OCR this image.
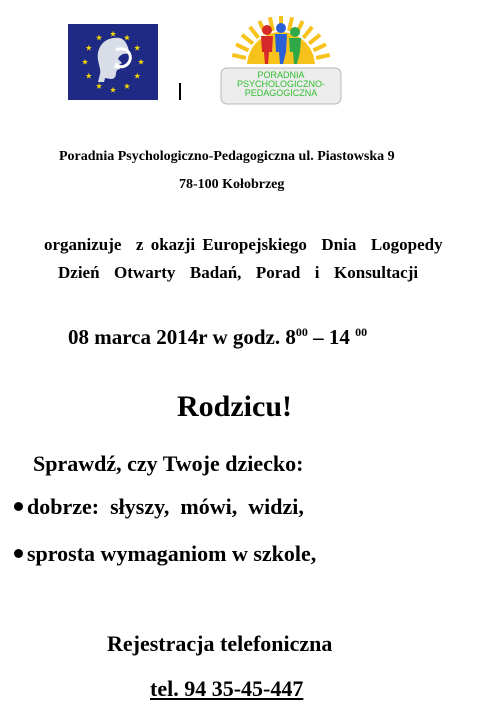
PORADNIA
PSYCHOLOGICZNO-
PEDAGOGICZNA
Poradnia Psychologiczno-Pedagogiczna ul. Piastowska 9
78-100 Kołobrzeg
organizuje  z okazji Europejskiego  Dnia  Logopedy
Dzień  Otwarty  Badań,  Porad  i  Konsultacji
08 marca 2014r w godz. $8^{00} - 14$ $^{00}$
Rodzicu!
Sprawdź, czy Twoje dziecko:
dobrze:  słyszy,  mówi,  widzi,
sprosta wymaganiom w szkole,
Rejestracja telefoniczna
tel. 94 35-45-447
